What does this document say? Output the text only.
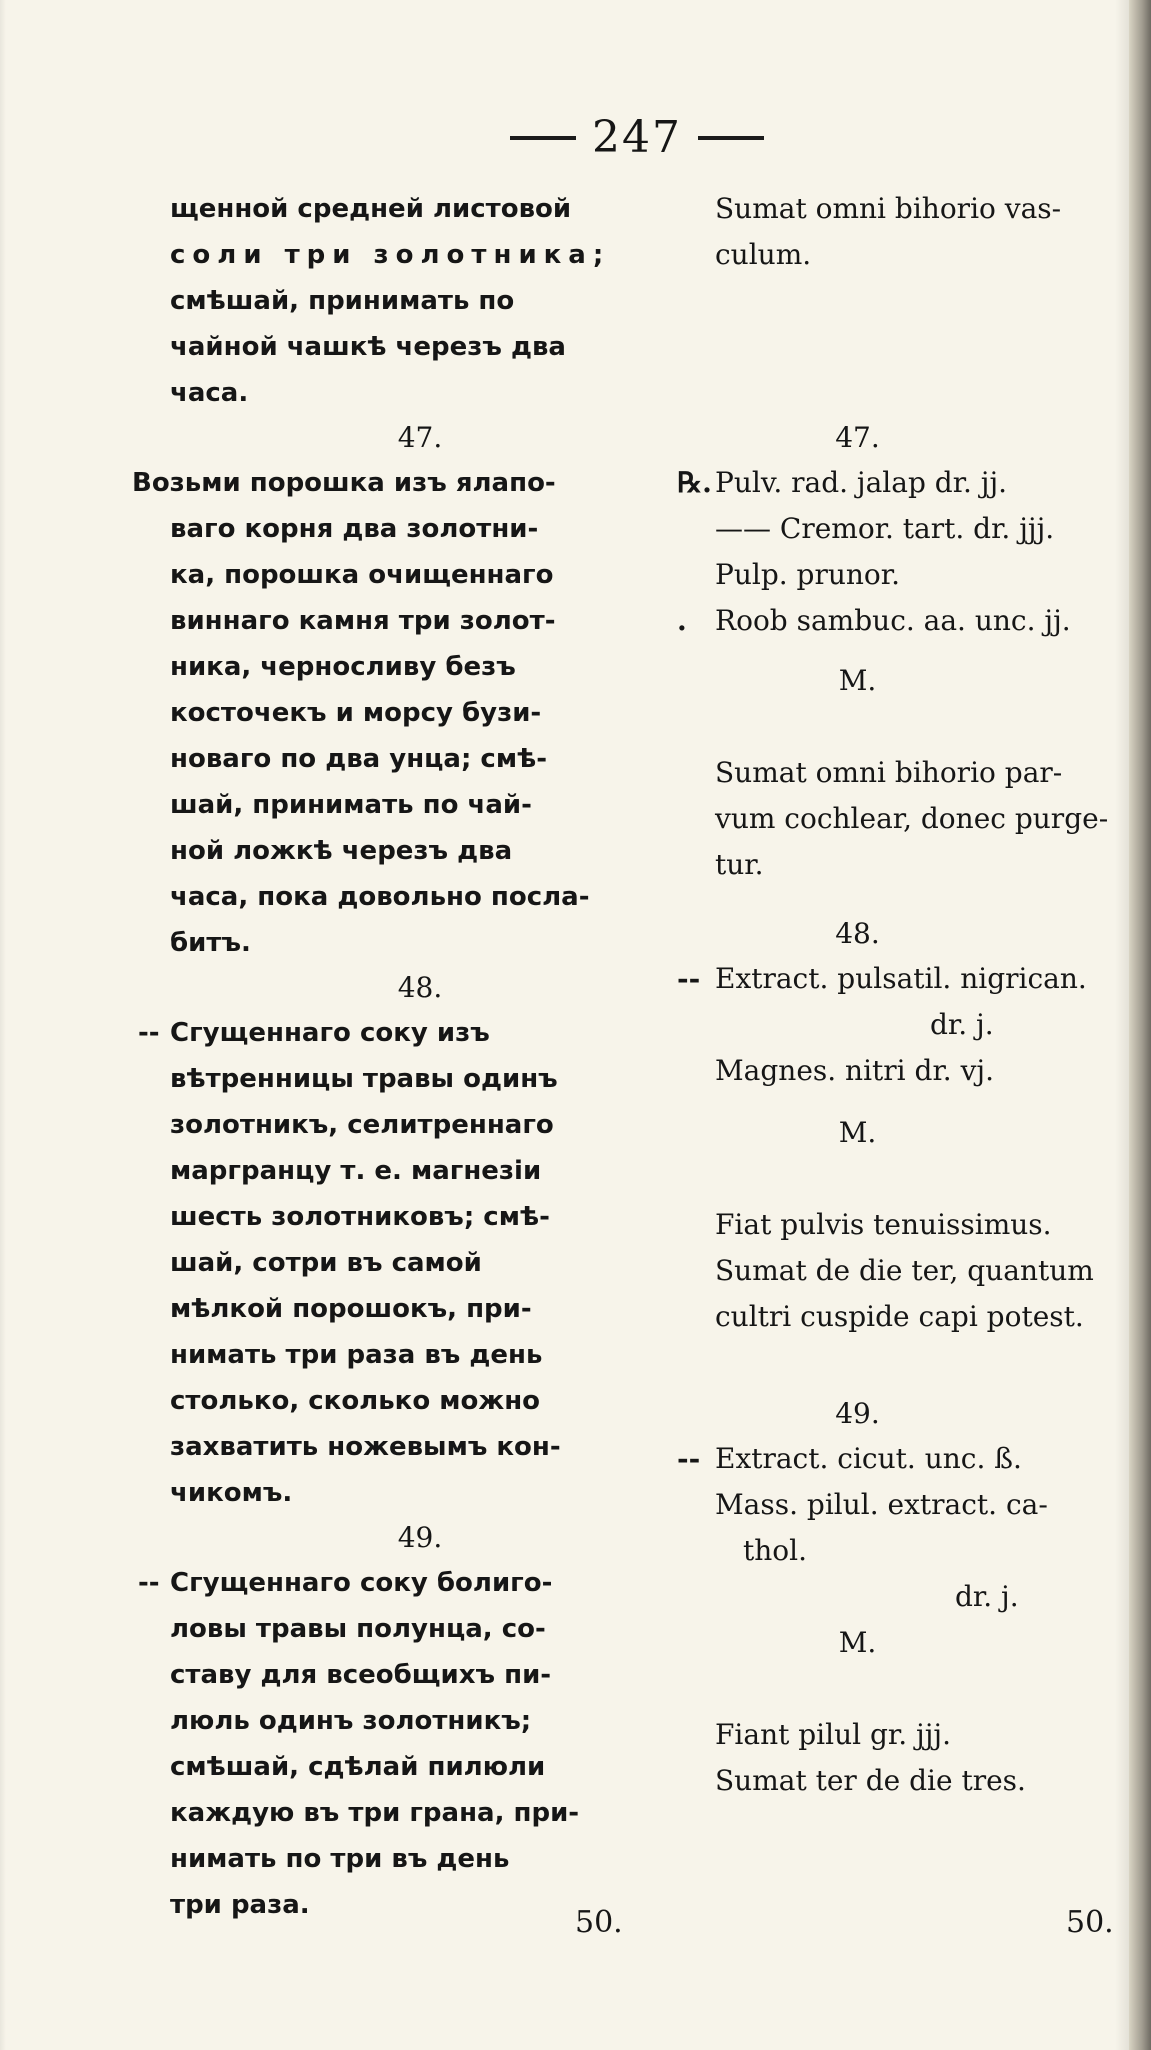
247
щенной средней листовой
соли три золотника;
смѣшай, принимать по
чайной чашкѣ черезъ два
часа.
47.
Возьми порошка изъ ялапо-
ваго корня два золотни-
ка, порошка очищеннаго
виннаго камня три золот-
ника, черносливу безъ
косточекъ и морсу бузи-
новаго по два унца; смѣ-
шай, принимать по чай-
ной ложкѣ черезъ два
часа, пока довольно посла-
битъ.
48.
-- Сгущеннаго соку изъ
вѣтренницы травы одинъ
золотникъ, селитреннаго
маргранцу т. е. магнезiи
шесть золотниковъ; смѣ-
шай, сотри въ самой
мѣлкой порошокъ, при-
нимать три раза въ день
столько, сколько можно
захватить ножевымъ кон-
чикомъ.
49.
-- Сгущеннаго соку болиго-
ловы травы полунца, со-
ставу для всеобщихъ пи-
люль одинъ золотникъ;
смѣшай, сдѣлай пилюли
каждую въ три грана, при-
нимать по три въ день
три раза.
Sumat omni bihorio vas-
culum.
47.
℞. Pulv. rad. jalap dr. jj.
—— Cremor. tart. dr. jjj.
Pulp. prunor.
. Roob sambuc. aa. unc. jj.
M.
Sumat omni bihorio par-
vum cochlear, donec purge-
tur.
48.
-- Extract. pulsatil. nigrican.
dr. j.
Magnes. nitri dr. vj.
M.
Fiat pulvis tenuissimus.
Sumat de die ter, quantum
cultri cuspide capi potest.
49.
-- Extract. cicut. unc. ß.
Mass. pilul. extract. ca-
thol.
dr. j.
M.
Fiant pilul gr. jjj.
Sumat ter de die tres.
50.	50.
